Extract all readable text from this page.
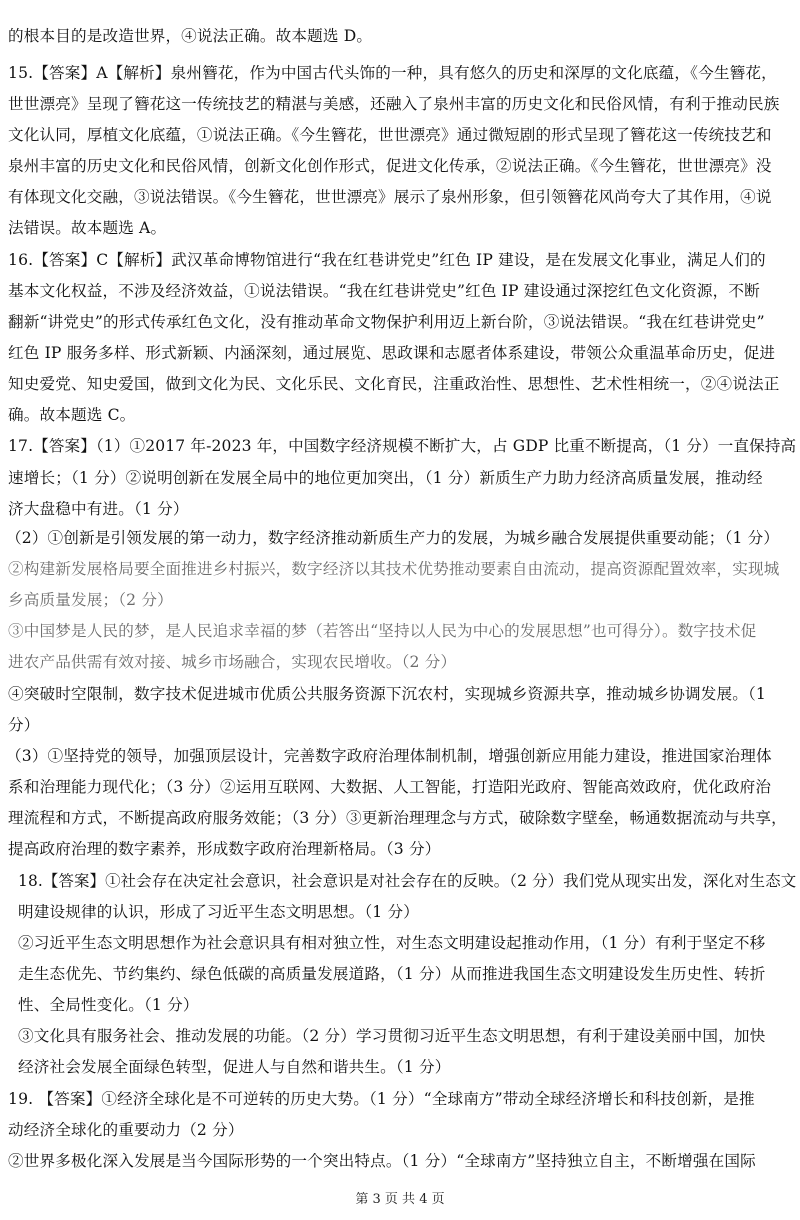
的根本目的是改造世界，④说法正确。故本题选 D。
15.【答案】A【解析】泉州簪花，作为中国古代头饰的一种，具有悠久的历史和深厚的文化底蕴，《今生簪花，
世世漂亮》呈现了簪花这一传统技艺的精湛与美感，还融入了泉州丰富的历史文化和民俗风情，有利于推动民族
文化认同，厚植文化底蕴，①说法正确。《今生簪花，世世漂亮》通过微短剧的形式呈现了簪花这一传统技艺和
泉州丰富的历史文化和民俗风情，创新文化创作形式，促进文化传承，②说法正确。《今生簪花，世世漂亮》没
有体现文化交融，③说法错误。《今生簪花，世世漂亮》展示了泉州形象，但引领簪花风尚夸大了其作用，④说
法错误。故本题选 A。
16.【答案】C【解析】武汉革命博物馆进行“我在红巷讲党史”红色 IP 建设，是在发展文化事业，满足人们的
基本文化权益，不涉及经济效益，①说法错误。“我在红巷讲党史”红色 IP 建设通过深挖红色文化资源，不断
翻新“讲党史”的形式传承红色文化，没有推动革命文物保护利用迈上新台阶，③说法错误。“我在红巷讲党史”
红色 IP 服务多样、形式新颖、内涵深刻，通过展览、思政课和志愿者体系建设，带领公众重温革命历史，促进
知史爱党、知史爱国，做到文化为民、文化乐民、文化育民，注重政治性、思想性、艺术性相统一，②④说法正
确。故本题选 C。
17.【答案】（1）①2017 年-2023 年，中国数字经济规模不断扩大，占 GDP 比重不断提高，（1 分）一直保持高
速增长；（1 分）②说明创新在发展全局中的地位更加突出，（1 分）新质生产力助力经济高质量发展，推动经
济大盘稳中有进。（1 分）
（2）①创新是引领发展的第一动力，数字经济推动新质生产力的发展，为城乡融合发展提供重要动能；（1 分）
②构建新发展格局要全面推进乡村振兴，数字经济以其技术优势推动要素自由流动，提高资源配置效率，实现城
乡高质量发展；（2 分）
③中国梦是人民的梦，是人民追求幸福的梦（若答出“坚持以人民为中心的发展思想”也可得分）。数字技术促
进农产品供需有效对接、城乡市场融合，实现农民增收。（2 分）
④突破时空限制，数字技术促进城市优质公共服务资源下沉农村，实现城乡资源共享，推动城乡协调发展。（1
分）
（3）①坚持党的领导，加强顶层设计，完善数字政府治理体制机制，增强创新应用能力建设，推进国家治理体
系和治理能力现代化；（3 分）②运用互联网、大数据、人工智能，打造阳光政府、智能高效政府，优化政府治
理流程和方式，不断提高政府服务效能；（3 分）③更新治理理念与方式，破除数字壁垒，畅通数据流动与共享，
提高政府治理的数字素养，形成数字政府治理新格局。（3 分）
18.【答案】①社会存在决定社会意识，社会意识是对社会存在的反映。（2 分）我们党从现实出发，深化对生态文
明建设规律的认识，形成了习近平生态文明思想。（1 分）
②习近平生态文明思想作为社会意识具有相对独立性，对生态文明建设起推动作用，（1 分）有利于坚定不移
走生态优先、节约集约、绿色低碳的高质量发展道路，（1 分）从而推进我国生态文明建设发生历史性、转折
性、全局性变化。（1 分）
③文化具有服务社会、推动发展的功能。（2 分）学习贯彻习近平生态文明思想，有利于建设美丽中国，加快
经济社会发展全面绿色转型，促进人与自然和谐共生。（1 分）
19. 【答案】①经济全球化是不可逆转的历史大势。（1 分）“全球南方”带动全球经济增长和科技创新，是推
动经济全球化的重要动力（2 分）
②世界多极化深入发展是当今国际形势的一个突出特点。（1 分）“全球南方”坚持独立自主，不断增强在国际
第 3 页 共 4 页
